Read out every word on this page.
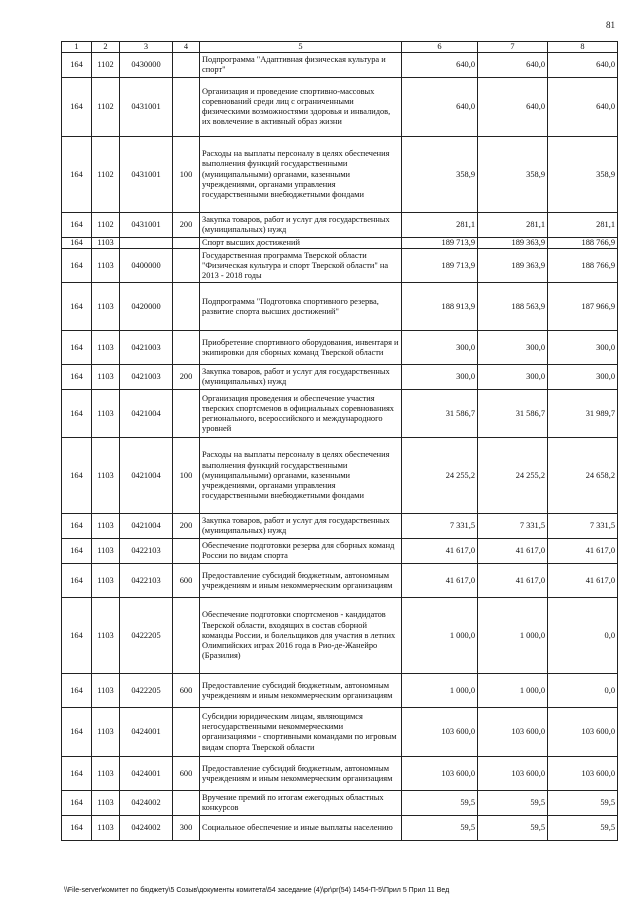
81
1	2	3	4	5	6	7	8
164	1102	0430000		Подпрограмма "Адаптивная физическая культура и спорт"	640,0	640,0	640,0
164	1102	0431001		Организация и проведение спортивно-массовых соревнований среди лиц с ограниченными физическими возможностями здоровья и инвалидов, их вовлечение в активный образ жизни	640,0	640,0	640,0
164	1102	0431001	100	Расходы на выплаты персоналу в целях обеспечения выполнения функций государственными (муниципальными) органами, казенными учреждениями, органами управления государственными внебюджетными фондами	358,9	358,9	358,9
164	1102	0431001	200	Закупка товаров, работ и услуг для государственных (муниципальных) нужд	281,1	281,1	281,1
164	1103			Спорт высших достижений	189 713,9	189 363,9	188 766,9
164	1103	0400000		Государственная программа Тверской области "Физическая культура и спорт Тверской области" на 2013 - 2018 годы	189 713,9	189 363,9	188 766,9
164	1103	0420000		Подпрограмма "Подготовка спортивного резерва, развитие спорта высших достижений"	188 913,9	188 563,9	187 966,9
164	1103	0421003		Приобретение спортивного оборудования, инвентаря и экипировки для сборных команд Тверской области	300,0	300,0	300,0
164	1103	0421003	200	Закупка товаров, работ и услуг для государственных (муниципальных) нужд	300,0	300,0	300,0
164	1103	0421004		Организация проведения и обеспечение участия тверских спортсменов в официальных соревнованиях регионального, всероссийского и международного уровней	31 586,7	31 586,7	31 989,7
164	1103	0421004	100	Расходы на выплаты персоналу в целях обеспечения выполнения функций государственными (муниципальными) органами, казенными учреждениями, органами управления государственными внебюджетными фондами	24 255,2	24 255,2	24 658,2
164	1103	0421004	200	Закупка товаров, работ и услуг для государственных (муниципальных) нужд	7 331,5	7 331,5	7 331,5
164	1103	0422103		Обеспечение подготовки резерва для сборных команд России по видам спорта	41 617,0	41 617,0	41 617,0
164	1103	0422103	600	Предоставление субсидий бюджетным, автономным учреждениям и иным некоммерческим организациям	41 617,0	41 617,0	41 617,0
164	1103	0422205		Обеспечение подготовки спортсменов - кандидатов Тверской области, входящих в состав сборной команды России, и болельщиков для участия в летних Олимпийских играх 2016 года в Рио-де-Жанейро (Бразилия)	1 000,0	1 000,0	0,0
164	1103	0422205	600	Предоставление субсидий бюджетным, автономным учреждениям и иным некоммерческим организациям	1 000,0	1 000,0	0,0
164	1103	0424001		Субсидии юридическим лицам, являющимся негосударственными некоммерческими организациями - спортивными командами по игровым видам спорта Тверской области	103 600,0	103 600,0	103 600,0
164	1103	0424001	600	Предоставление субсидий бюджетным, автономным учреждениям и иным некоммерческим организациям	103 600,0	103 600,0	103 600,0
164	1103	0424002		Вручение премий по итогам ежегодных областных конкурсов	59,5	59,5	59,5
164	1103	0424002	300	Социальное обеспечение и иные выплаты населению	59,5	59,5	59,5
\\File-server\комитет по бюджету\5 Созыв\документы комитета\54 заседание (4)\pr\pr(54) 1454-П-5\Прил 5 Прил 11 Вед
